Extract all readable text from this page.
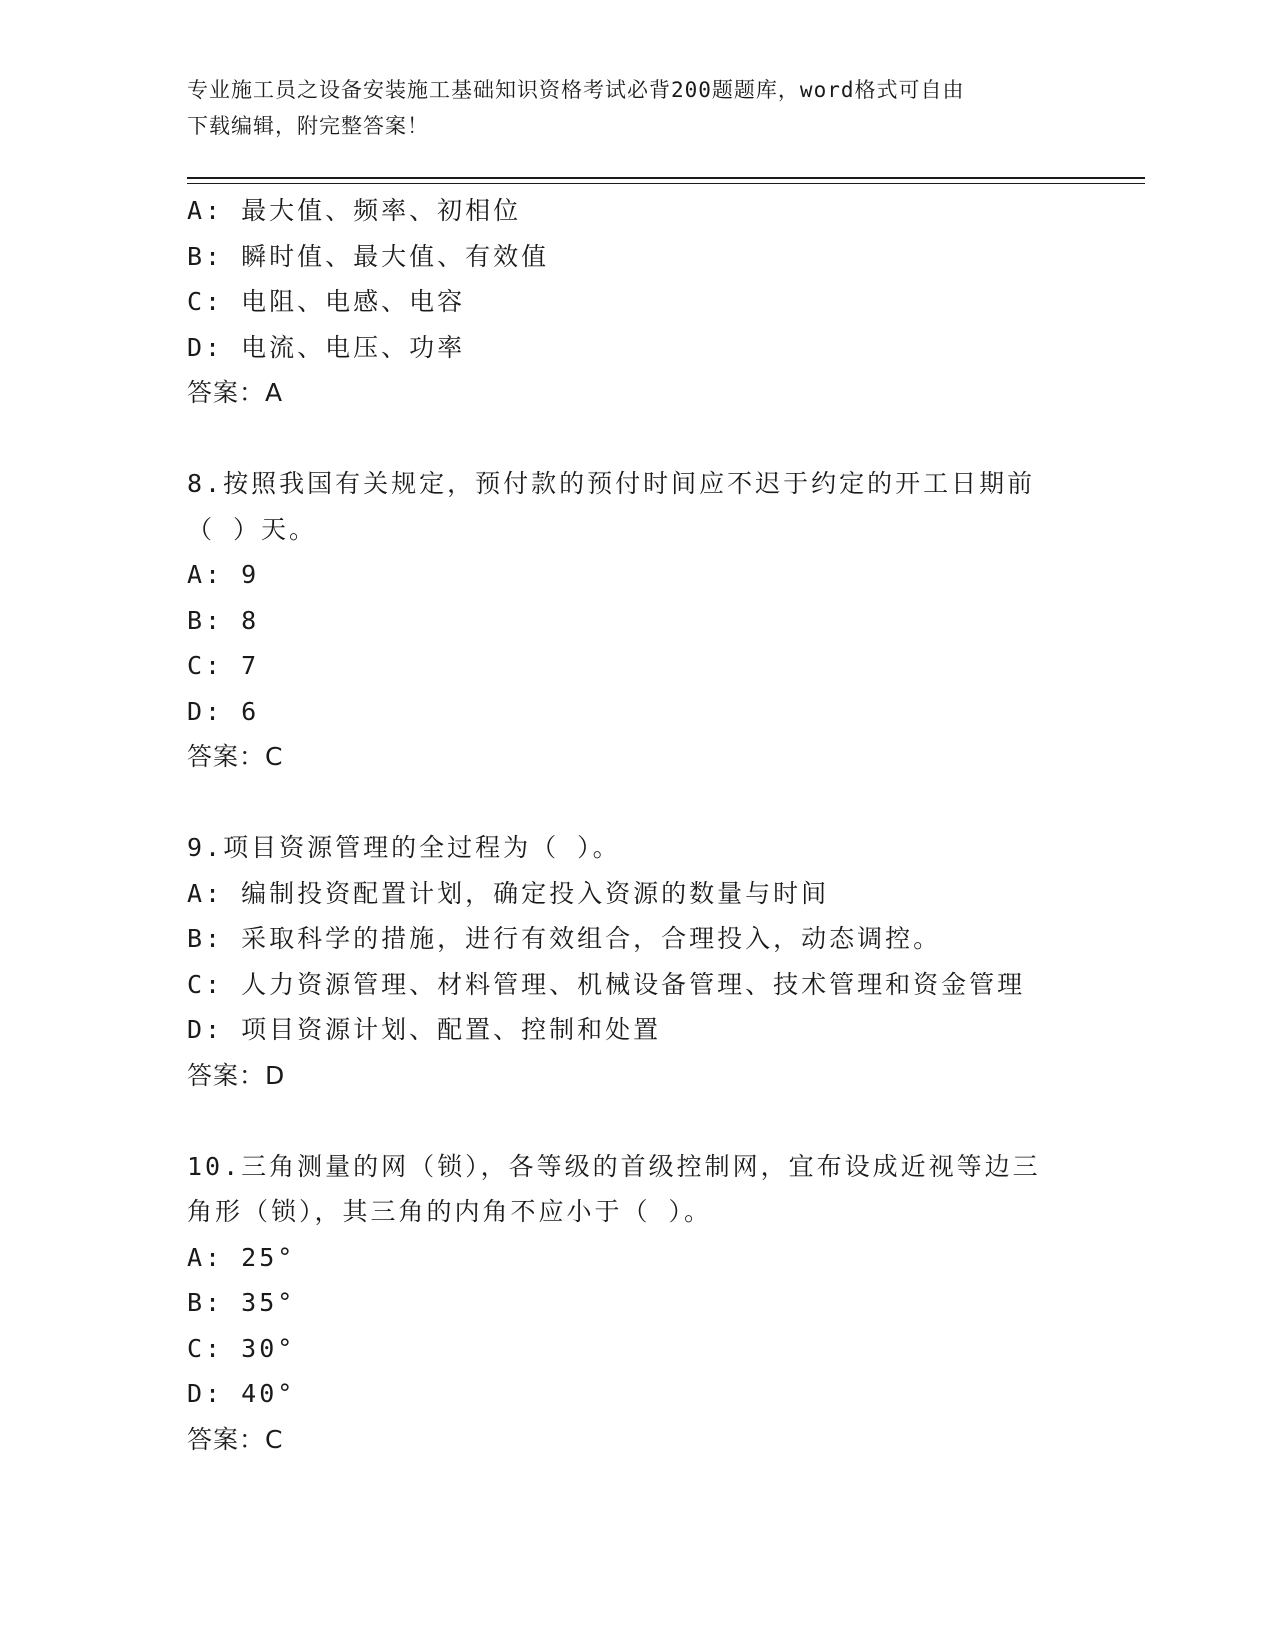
专业施工员之设备安装施工基础知识资格考试必背200题题库，word格式可自由
下载编辑，附完整答案！
A: 最大值、频率、初相位
B: 瞬时值、最大值、有效值
C: 电阻、电感、电容
D: 电流、电压、功率
答案：A
8.按照我国有关规定，预付款的预付时间应不迟于约定的开工日期前
（ ）天。
A: 9
B: 8
C: 7
D: 6
答案：C
9.项目资源管理的全过程为（ ）。
A: 编制投资配置计划，确定投入资源的数量与时间
B: 采取科学的措施，进行有效组合，合理投入，动态调控。
C: 人力资源管理、材料管理、机械设备管理、技术管理和资金管理
D: 项目资源计划、配置、控制和处置
答案：D
10.三角测量的网（锁），各等级的首级控制网，宜布设成近视等边三
角形（锁），其三角的内角不应小于（ ）。
A: 25°
B: 35°
C: 30°
D: 40°
答案：C
